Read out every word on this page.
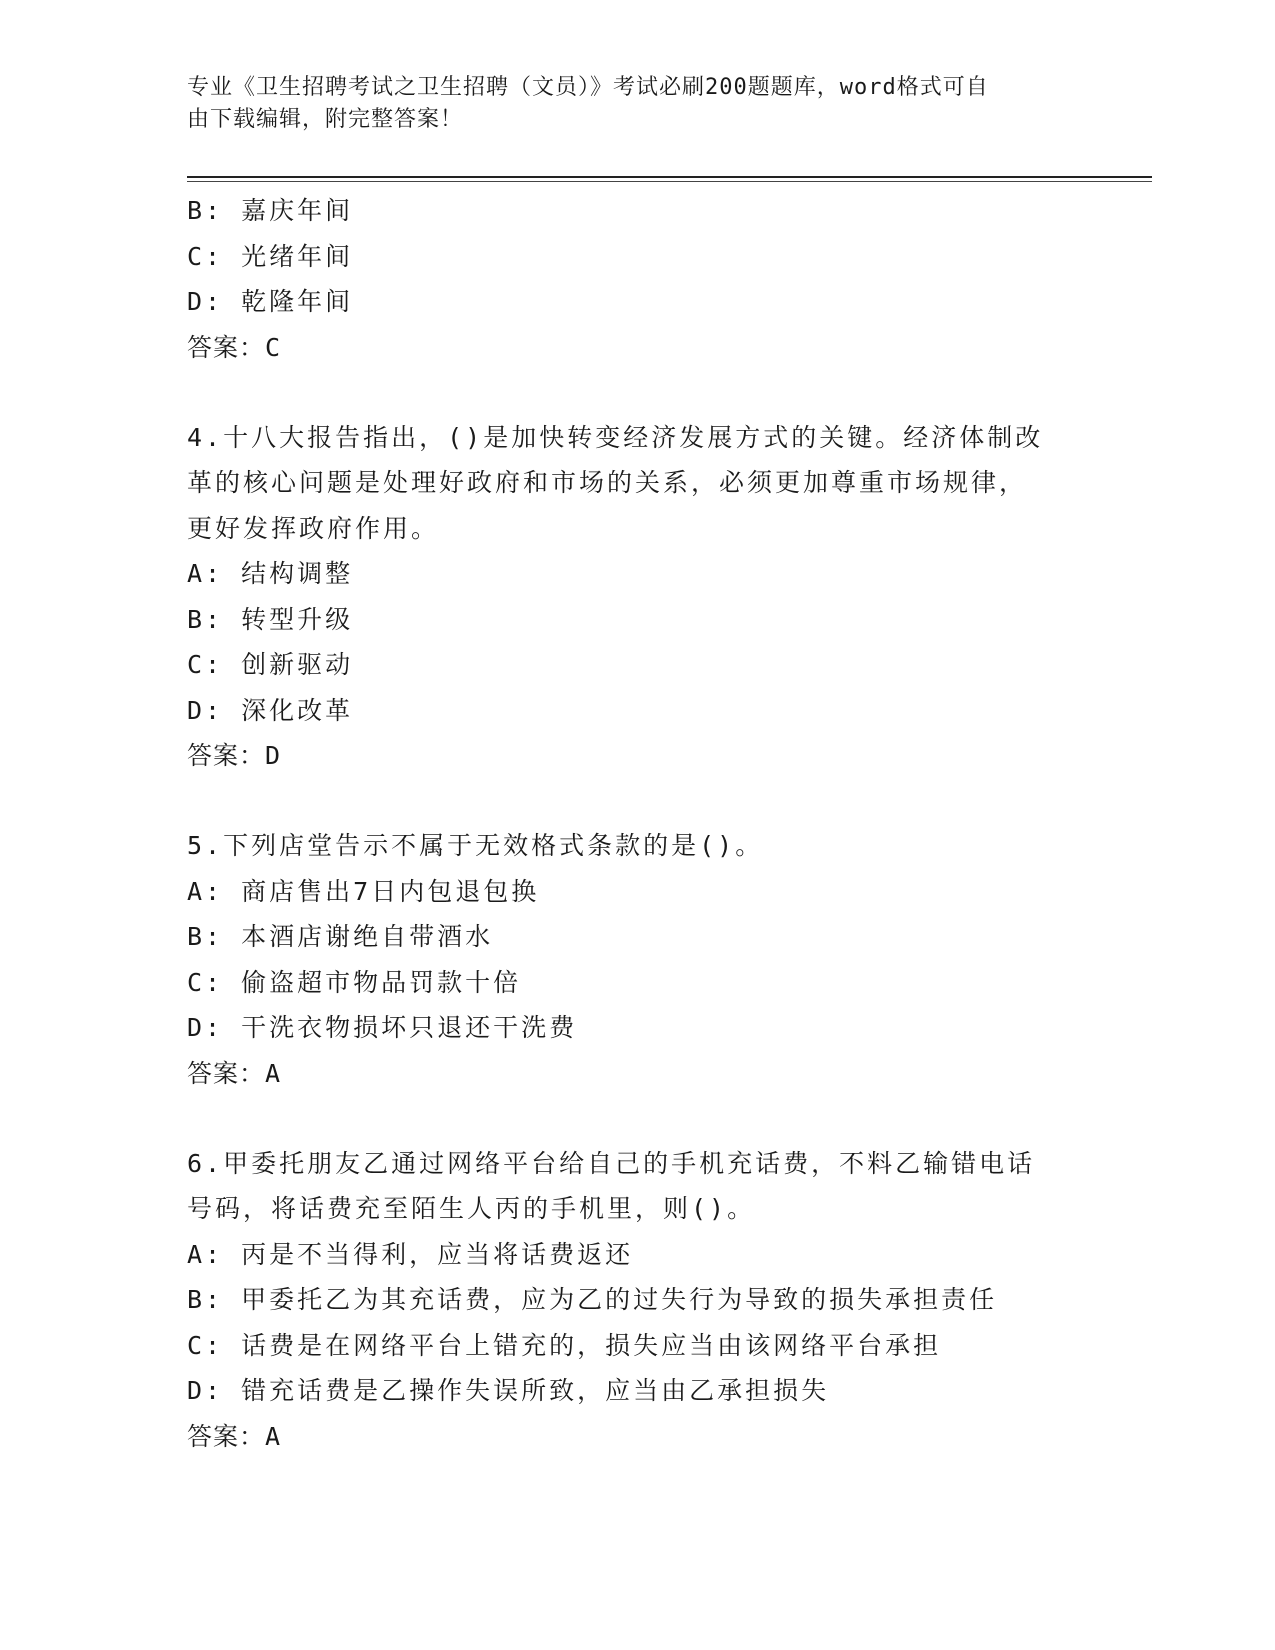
专业《卫生招聘考试之卫生招聘（文员）》考试必刷200题题库，word格式可自
由下载编辑，附完整答案！
B: 嘉庆年间
C: 光绪年间
D: 乾隆年间
答案：C
4.十八大报告指出，()是加快转变经济发展方式的关键。经济体制改
革的核心问题是处理好政府和市场的关系，必须更加尊重市场规律，
更好发挥政府作用。
A: 结构调整
B: 转型升级
C: 创新驱动
D: 深化改革
答案：D
5.下列店堂告示不属于无效格式条款的是()。
A: 商店售出7日内包退包换
B: 本酒店谢绝自带酒水
C: 偷盗超市物品罚款十倍
D: 干洗衣物损坏只退还干洗费
答案：A
6.甲委托朋友乙通过网络平台给自己的手机充话费，不料乙输错电话
号码，将话费充至陌生人丙的手机里，则()。
A: 丙是不当得利，应当将话费返还
B: 甲委托乙为其充话费，应为乙的过失行为导致的损失承担责任
C: 话费是在网络平台上错充的，损失应当由该网络平台承担
D: 错充话费是乙操作失误所致，应当由乙承担损失
答案：A
